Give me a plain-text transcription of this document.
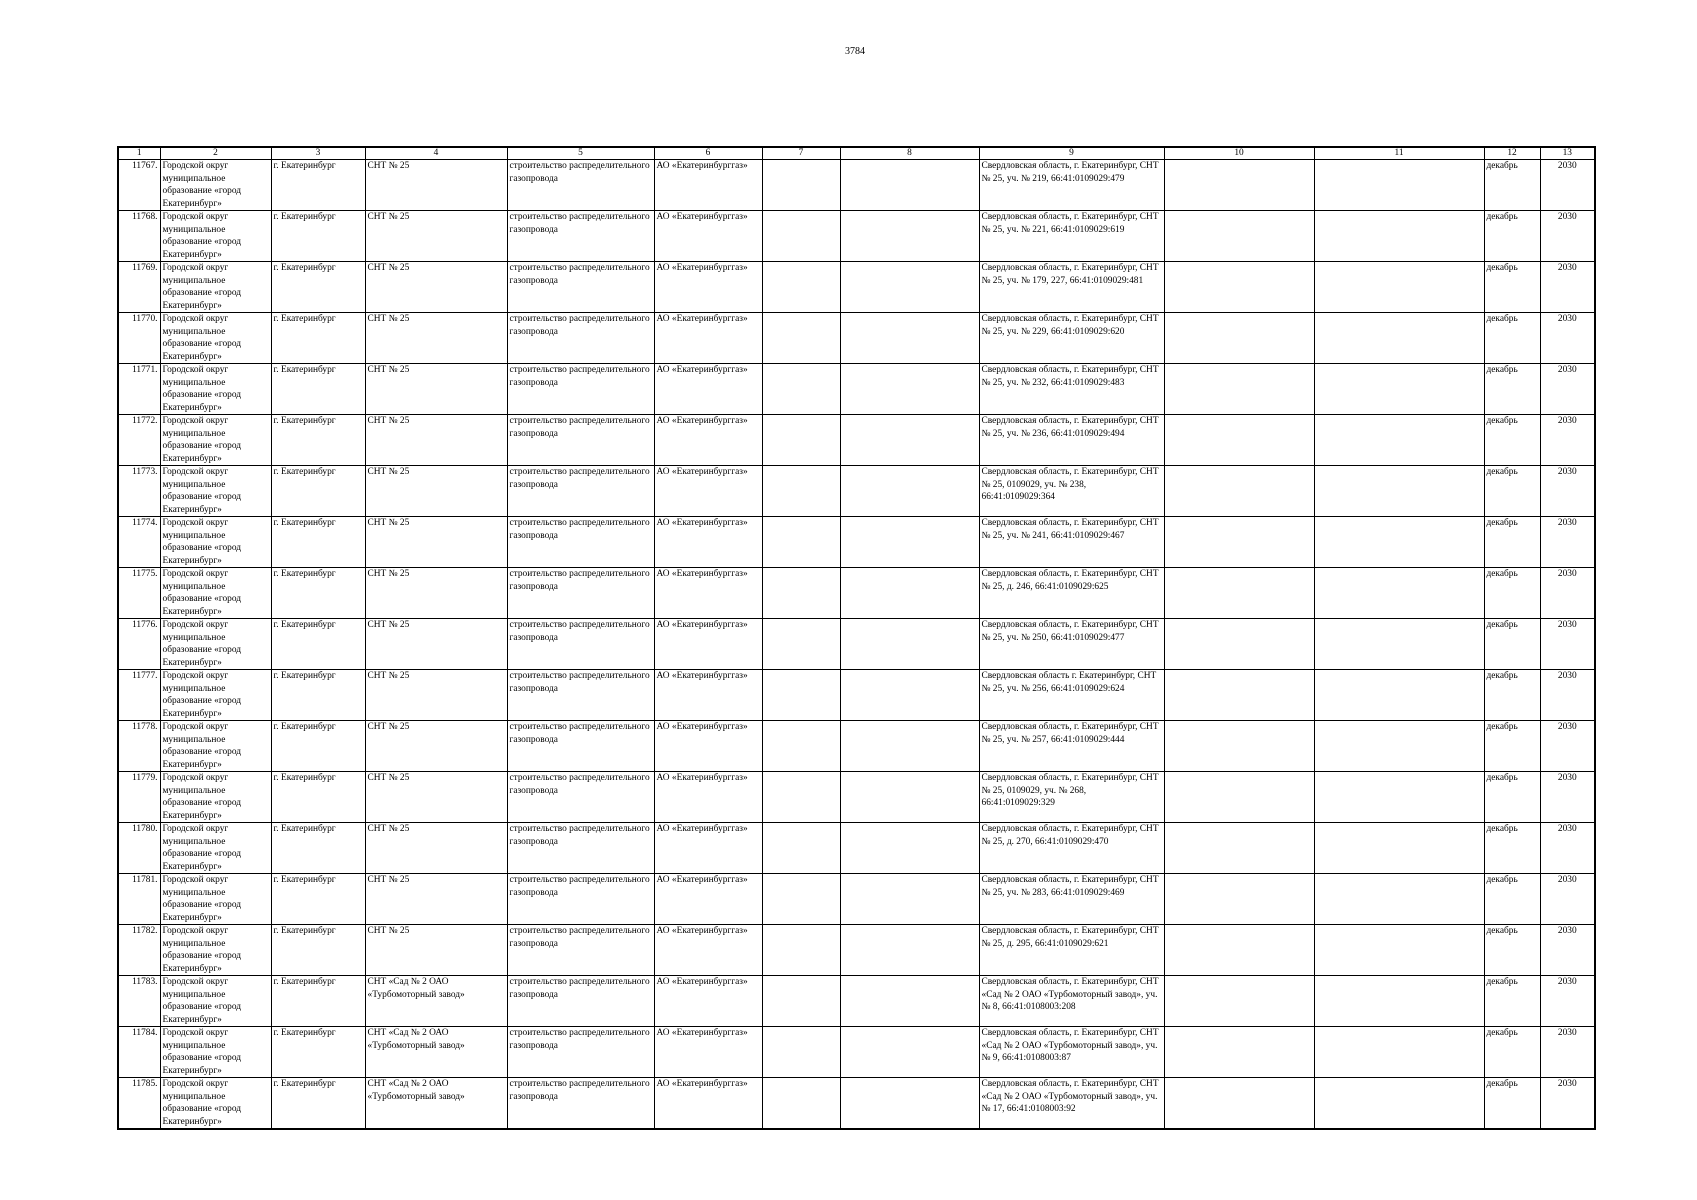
3784
1	2	3	4	5	6	7	8	9	10	11	12	13
11767.	Городской округ муниципальное образование «город Екатеринбург»	г. Екатеринбург	СНТ № 25	строительство распределительного газопровода	АО «Екатеринбурггаз»			Свердловская область, г. Екатеринбург, СНТ № 25, уч. № 219, 66:41:0109029:479			декабрь	2030
11768.	Городской округ муниципальное образование «город Екатеринбург»	г. Екатеринбург	СНТ № 25	строительство распределительного газопровода	АО «Екатеринбурггаз»			Свердловская область, г. Екатеринбург, СНТ № 25, уч. № 221, 66:41:0109029:619			декабрь	2030
11769.	Городской округ муниципальное образование «город Екатеринбург»	г. Екатеринбург	СНТ № 25	строительство распределительного газопровода	АО «Екатеринбурггаз»			Свердловская область, г. Екатеринбург, СНТ № 25, уч. № 179, 227, 66:41:0109029:481			декабрь	2030
11770.	Городской округ муниципальное образование «город Екатеринбург»	г. Екатеринбург	СНТ № 25	строительство распределительного газопровода	АО «Екатеринбурггаз»			Свердловская область, г. Екатеринбург, СНТ № 25, уч. № 229, 66:41:0109029:620			декабрь	2030
11771.	Городской округ муниципальное образование «город Екатеринбург»	г. Екатеринбург	СНТ № 25	строительство распределительного газопровода	АО «Екатеринбурггаз»			Свердловская область, г. Екатеринбург, СНТ № 25, уч. № 232, 66:41:0109029:483			декабрь	2030
11772.	Городской округ муниципальное образование «город Екатеринбург»	г. Екатеринбург	СНТ № 25	строительство распределительного газопровода	АО «Екатеринбурггаз»			Свердловская область, г. Екатеринбург, СНТ № 25, уч. № 236, 66:41:0109029:494			декабрь	2030
11773.	Городской округ муниципальное образование «город Екатеринбург»	г. Екатеринбург	СНТ № 25	строительство распределительного газопровода	АО «Екатеринбурггаз»			Свердловская область, г. Екатеринбург, СНТ № 25, 0109029, уч. № 238, 66:41:0109029:364			декабрь	2030
11774.	Городской округ муниципальное образование «город Екатеринбург»	г. Екатеринбург	СНТ № 25	строительство распределительного газопровода	АО «Екатеринбурггаз»			Свердловская область, г. Екатеринбург, СНТ № 25, уч. № 241, 66:41:0109029:467			декабрь	2030
11775.	Городской округ муниципальное образование «город Екатеринбург»	г. Екатеринбург	СНТ № 25	строительство распределительного газопровода	АО «Екатеринбурггаз»			Свердловская область, г. Екатеринбург, СНТ № 25, д. 246, 66:41:0109029:625			декабрь	2030
11776.	Городской округ муниципальное образование «город Екатеринбург»	г. Екатеринбург	СНТ № 25	строительство распределительного газопровода	АО «Екатеринбурггаз»			Свердловская область, г. Екатеринбург, СНТ № 25, уч. № 250, 66:41:0109029:477			декабрь	2030
11777.	Городской округ муниципальное образование «город Екатеринбург»	г. Екатеринбург	СНТ № 25	строительство распределительного газопровода	АО «Екатеринбурггаз»			Свердловская область г. Екатеринбург, СНТ № 25, уч. № 256, 66:41:0109029:624			декабрь	2030
11778.	Городской округ муниципальное образование «город Екатеринбург»	г. Екатеринбург	СНТ № 25	строительство распределительного газопровода	АО «Екатеринбурггаз»			Свердловская область, г. Екатеринбург, СНТ № 25, уч. № 257, 66:41:0109029:444			декабрь	2030
11779.	Городской округ муниципальное образование «город Екатеринбург»	г. Екатеринбург	СНТ № 25	строительство распределительного газопровода	АО «Екатеринбурггаз»			Свердловская область, г. Екатеринбург, СНТ № 25, 0109029, уч. № 268, 66:41:0109029:329			декабрь	2030
11780.	Городской округ муниципальное образование «город Екатеринбург»	г. Екатеринбург	СНТ № 25	строительство распределительного газопровода	АО «Екатеринбурггаз»			Свердловская область, г. Екатеринбург, СНТ № 25, д. 270, 66:41:0109029:470			декабрь	2030
11781.	Городской округ муниципальное образование «город Екатеринбург»	г. Екатеринбург	СНТ № 25	строительство распределительного газопровода	АО «Екатеринбурггаз»			Свердловская область, г. Екатеринбург, СНТ № 25, уч. № 283, 66:41:0109029:469			декабрь	2030
11782.	Городской округ муниципальное образование «город Екатеринбург»	г. Екатеринбург	СНТ № 25	строительство распределительного газопровода	АО «Екатеринбурггаз»			Свердловская область, г. Екатеринбург, СНТ № 25, д. 295, 66:41:0109029:621			декабрь	2030
11783.	Городской округ муниципальное образование «город Екатеринбург»	г. Екатеринбург	СНТ «Сад № 2 ОАО «Турбомоторный завод»	строительство распределительного газопровода	АО «Екатеринбурггаз»			Свердловская область, г. Екатеринбург, СНТ «Сад № 2 ОАО «Турбомоторный завод», уч. № 8, 66:41:0108003:208			декабрь	2030
11784.	Городской округ муниципальное образование «город Екатеринбург»	г. Екатеринбург	СНТ «Сад № 2 ОАО «Турбомоторный завод»	строительство распределительного газопровода	АО «Екатеринбурггаз»			Свердловская область, г. Екатеринбург, СНТ «Сад № 2 ОАО «Турбомоторный завод», уч. № 9, 66:41:0108003:87			декабрь	2030
11785.	Городской округ муниципальное образование «город Екатеринбург»	г. Екатеринбург	СНТ «Сад № 2 ОАО «Турбомоторный завод»	строительство распределительного газопровода	АО «Екатеринбурггаз»			Свердловская область, г. Екатеринбург, СНТ «Сад № 2 ОАО «Турбомоторный завод», уч. № 17, 66:41:0108003:92			декабрь	2030
